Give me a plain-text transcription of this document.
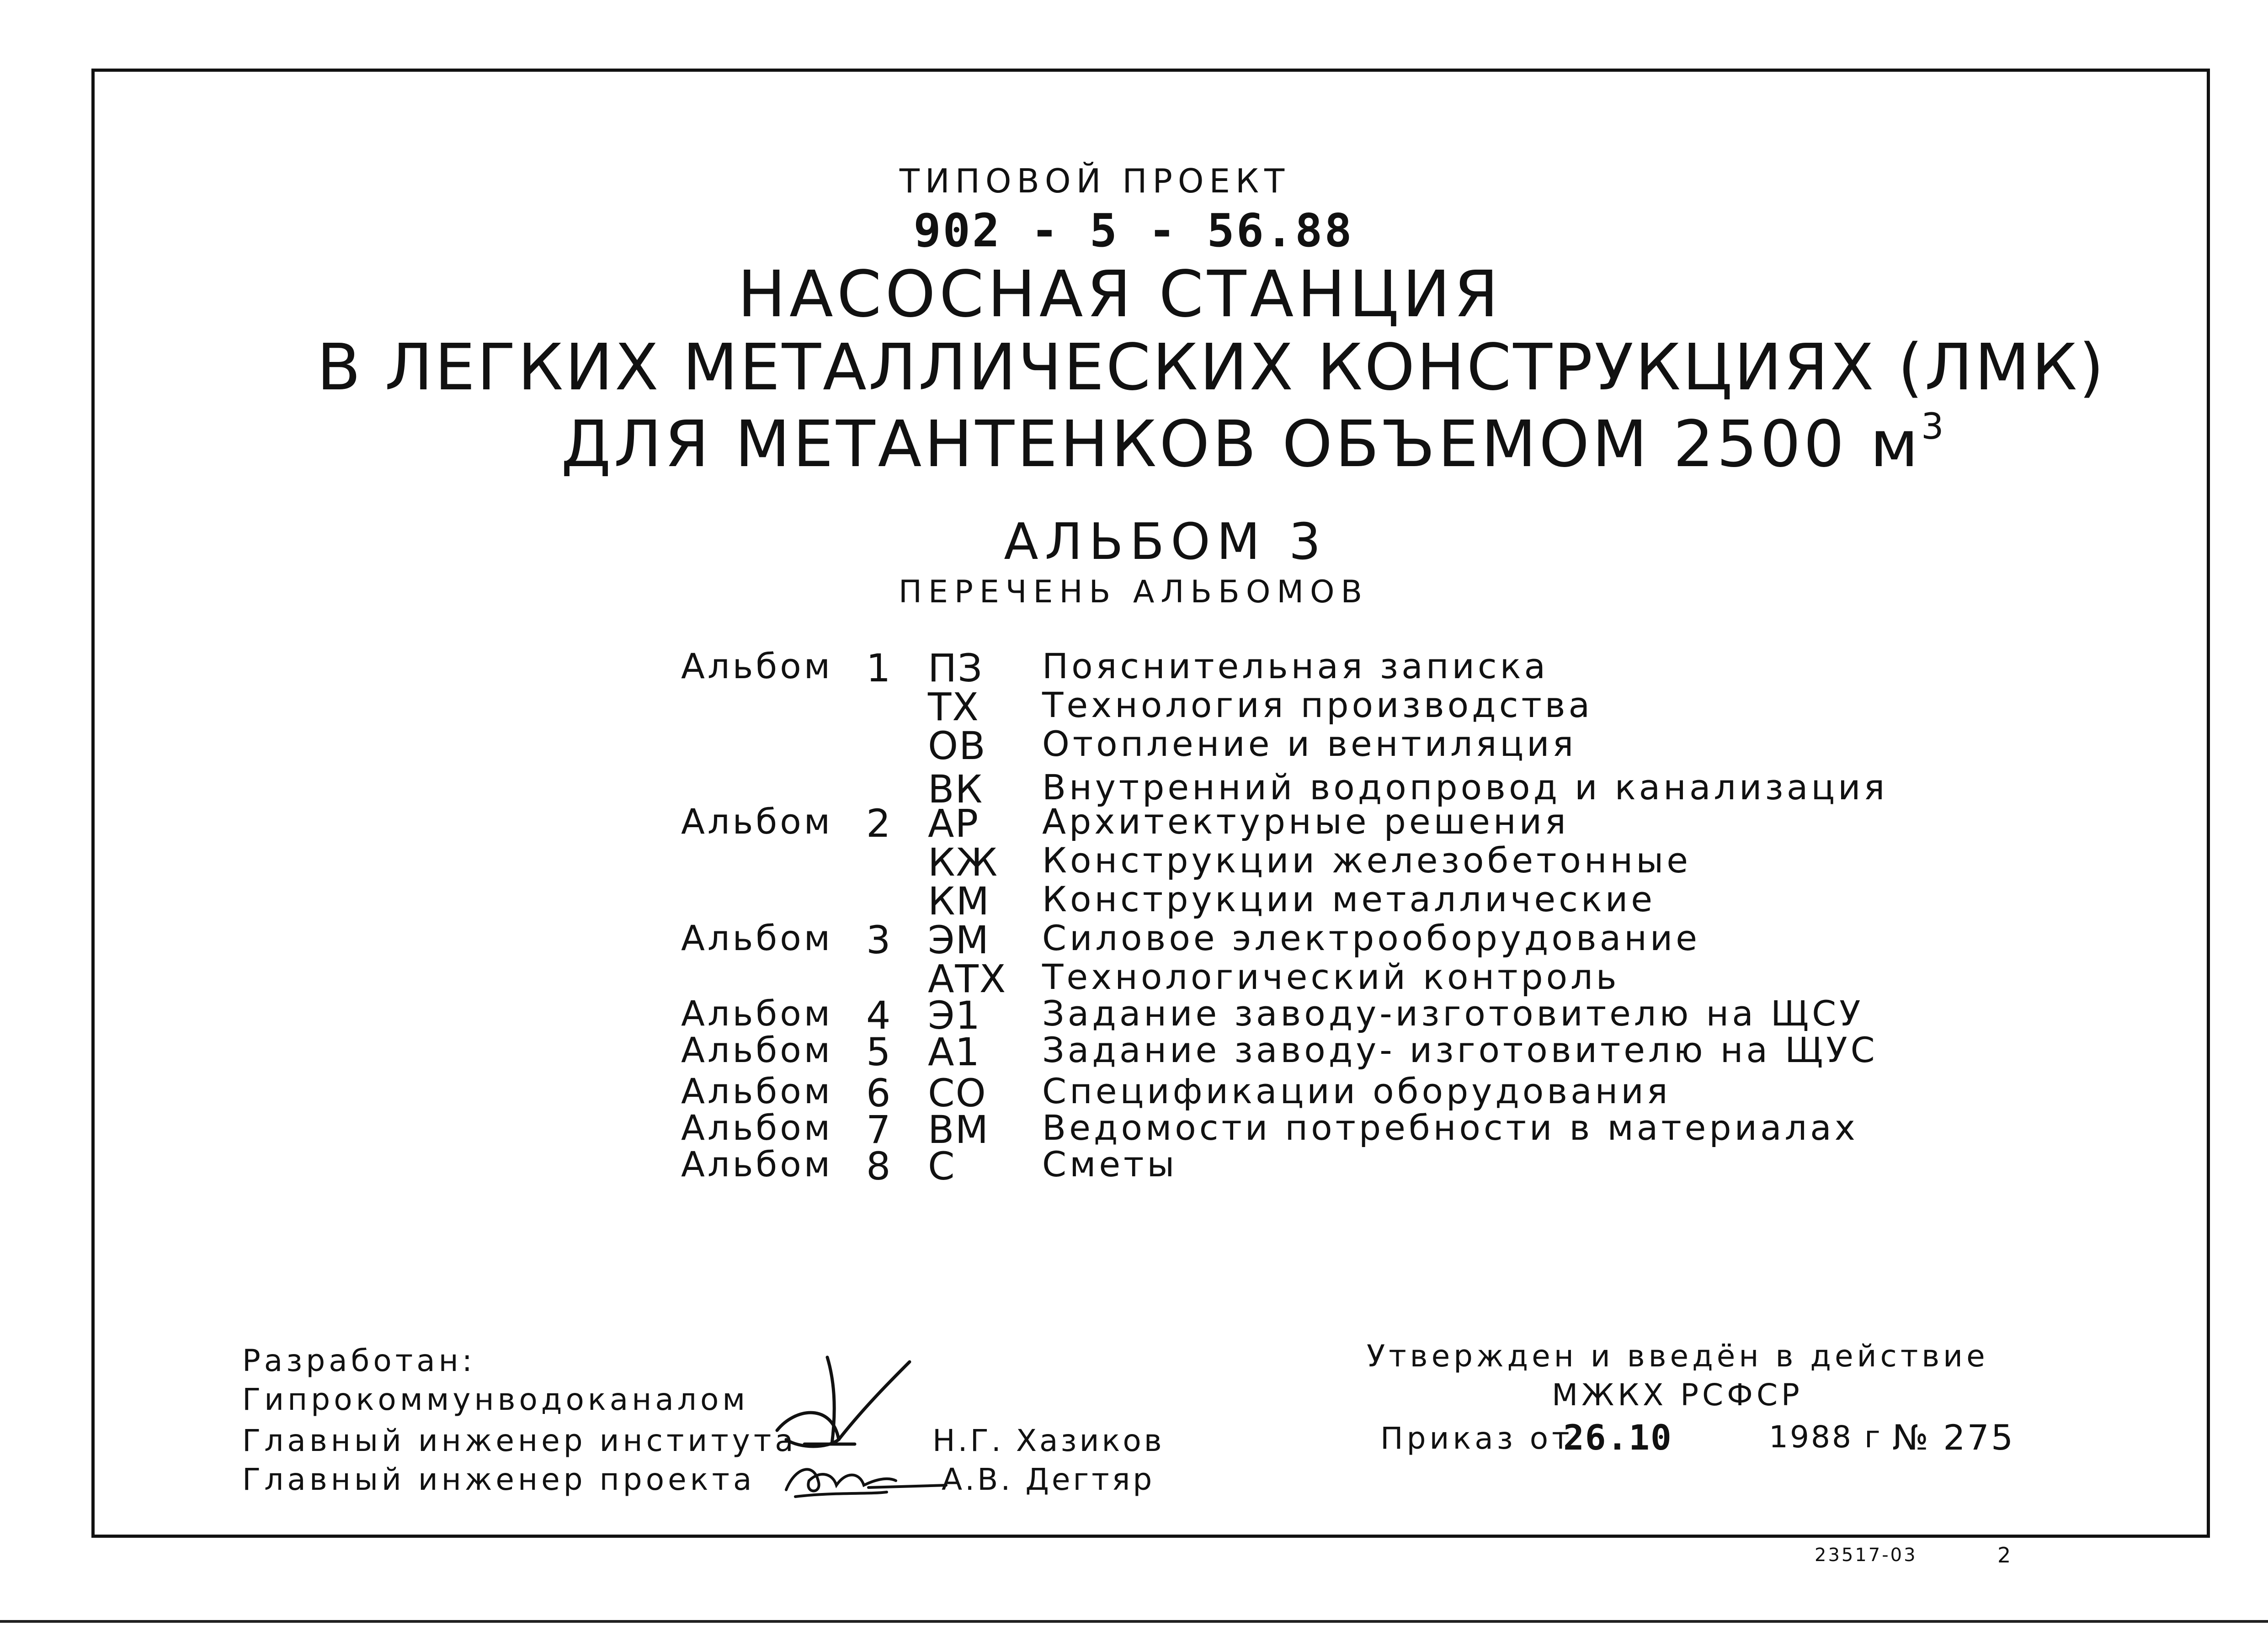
ТИПОВОЙ ПРОЕКТ
902 - 5 - 56.88
НАСОСНАЯ СТАНЦИЯ
В ЛЕГКИХ МЕТАЛЛИЧЕСКИХ КОНСТРУКЦИЯХ (ЛМК)
ДЛЯ МЕТАНТЕНКОВ ОБЪЕМОМ 2500 $м^3$
АЛЬБОМ 3
ПЕРЕЧЕНЬ АЛЬБОМОВ
Альбом 1 ПЗ Пояснительная записка
ТХ Технология производства
ОВ Отопление и вентиляция
ВК Внутренний водопровод и канализация
Альбом 2 АР Архитектурные решения
КЖ Конструкции железобетонные
КМ Конструкции металлические
Альбом 3 ЭМ Силовое электрооборудование
АТХ Технологический контроль
Альбом 4 Э1 Задание заводу-изготовителю на ЩСУ
Альбом 5 А1 Задание заводу- изготовителю на ЩУС
Альбом 6 СО Спецификации оборудования
Альбом 7 ВМ Ведомости потребности в материалах
Альбом 8 С Сметы
Разработан:
Гипрокоммунводоканалом
Главный инженер института
Главный инженер проекта
Н.Г. Хазиков
А.В. Дегтяр
Утвержден и введён в действие
МЖКХ РСФСР
Приказ от
26.10	1988 г № 275
23517-03	2
